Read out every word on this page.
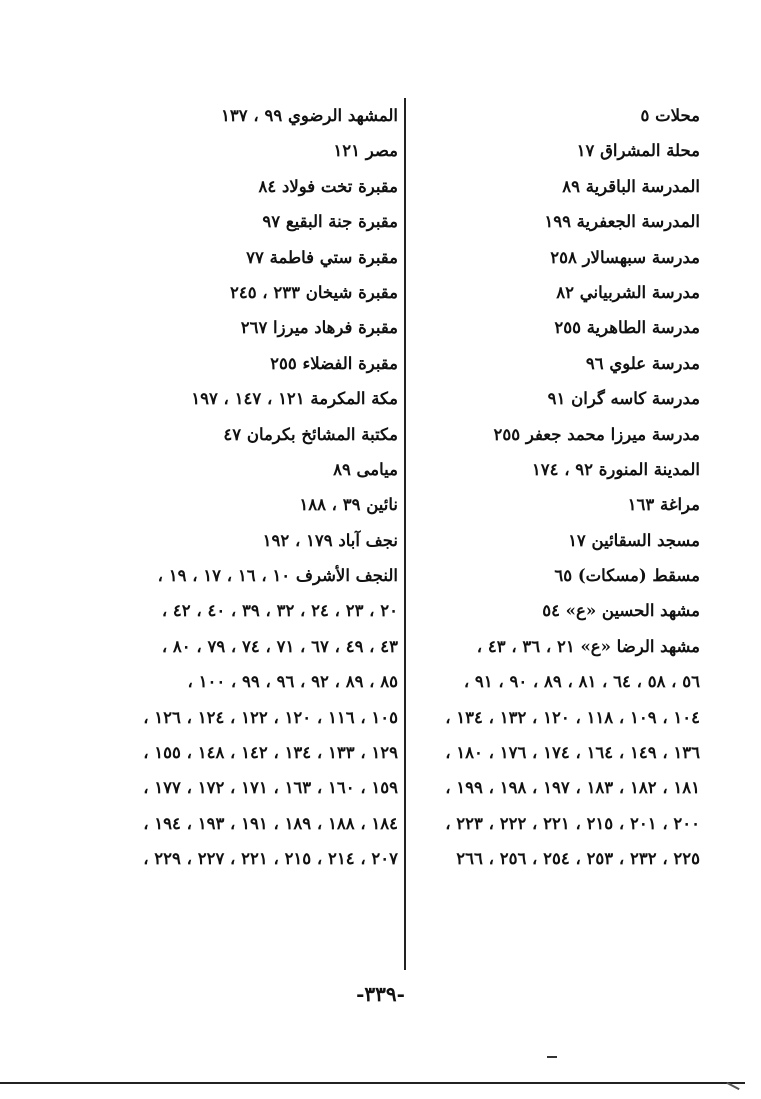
محلات ٥
محلة المشراق ١٧
المدرسة الباقرية ٨٩
المدرسة الجعفرية ١٩٩
مدرسة سبهسالار ٢٥٨
مدرسة الشربياني ٨٢
مدرسة الطاهرية ٢٥٥
مدرسة علوي ٩٦
مدرسة كاسه گران ٩١
مدرسة ميرزا محمد جعفر ٢٥٥
المدينة المنورة ٩٢ ، ١٧٤
مراغة ١٦٣
مسجد السقائين ١٧
مسقط (مسكات) ٦٥
مشهد الحسين «ع» ٥٤
مشهد الرضا «ع» ٢١ ، ٣٦ ، ٤٣ ،
٥٦ ، ٥٨ ، ٦٤ ، ٨١ ، ٨٩ ، ٩٠ ، ٩١ ،
١٠٤ ، ١٠٩ ، ١١٨ ، ١٢٠ ، ١٣٢ ، ١٣٤ ،
١٣٦ ، ١٤٩ ، ١٦٤ ، ١٧٤ ، ١٧٦ ، ١٨٠ ،
١٨١ ، ١٨٢ ، ١٨٣ ، ١٩٧ ، ١٩٨ ، ١٩٩ ،
٢٠٠ ، ٢٠١ ، ٢١٥ ، ٢٢١ ، ٢٢٢ ، ٢٢٣ ،
٢٢٥ ، ٢٣٢ ، ٢٥٣ ، ٢٥٤ ، ٢٥٦ ، ٢٦٦
المشهد الرضوي ٩٩ ، ١٣٧
مصر ١٢١
مقبرة تخت فولاد ٨٤
مقبرة جنة البقيع ٩٧
مقبرة ستي فاطمة ٧٧
مقبرة شيخان ٢٣٣ ، ٢٤٥
مقبرة فرهاد ميرزا ٢٦٧
مقبرة الفضلاء ٢٥٥
مكة المكرمة ١٢١ ، ١٤٧ ، ١٩٧
مكتبة المشائخ بكرمان ٤٧
ميامى ٨٩
نائين ٣٩ ، ١٨٨
نجف آباد ١٧٩ ، ١٩٢
النجف الأشرف ١٠ ، ١٦ ، ١٧ ، ١٩ ،
٢٠ ، ٢٣ ، ٢٤ ، ٣٢ ، ٣٩ ، ٤٠ ، ٤٢ ،
٤٣ ، ٤٩ ، ٦٧ ، ٧١ ، ٧٤ ، ٧٩ ، ٨٠ ،
٨٥ ، ٨٩ ، ٩٢ ، ٩٦ ، ٩٩ ، ١٠٠ ،
١٠٥ ، ١١٦ ، ١٢٠ ، ١٢٢ ، ١٢٤ ، ١٢٦ ،
١٢٩ ، ١٣٣ ، ١٣٤ ، ١٤٢ ، ١٤٨ ، ١٥٥ ،
١٥٩ ، ١٦٠ ، ١٦٣ ، ١٧١ ، ١٧٢ ، ١٧٧ ،
١٨٤ ، ١٨٨ ، ١٨٩ ، ١٩١ ، ١٩٣ ، ١٩٤ ،
٢٠٧ ، ٢١٤ ، ٢١٥ ، ٢٢١ ، ٢٢٧ ، ٢٢٩ ،
-٣٣٩-
